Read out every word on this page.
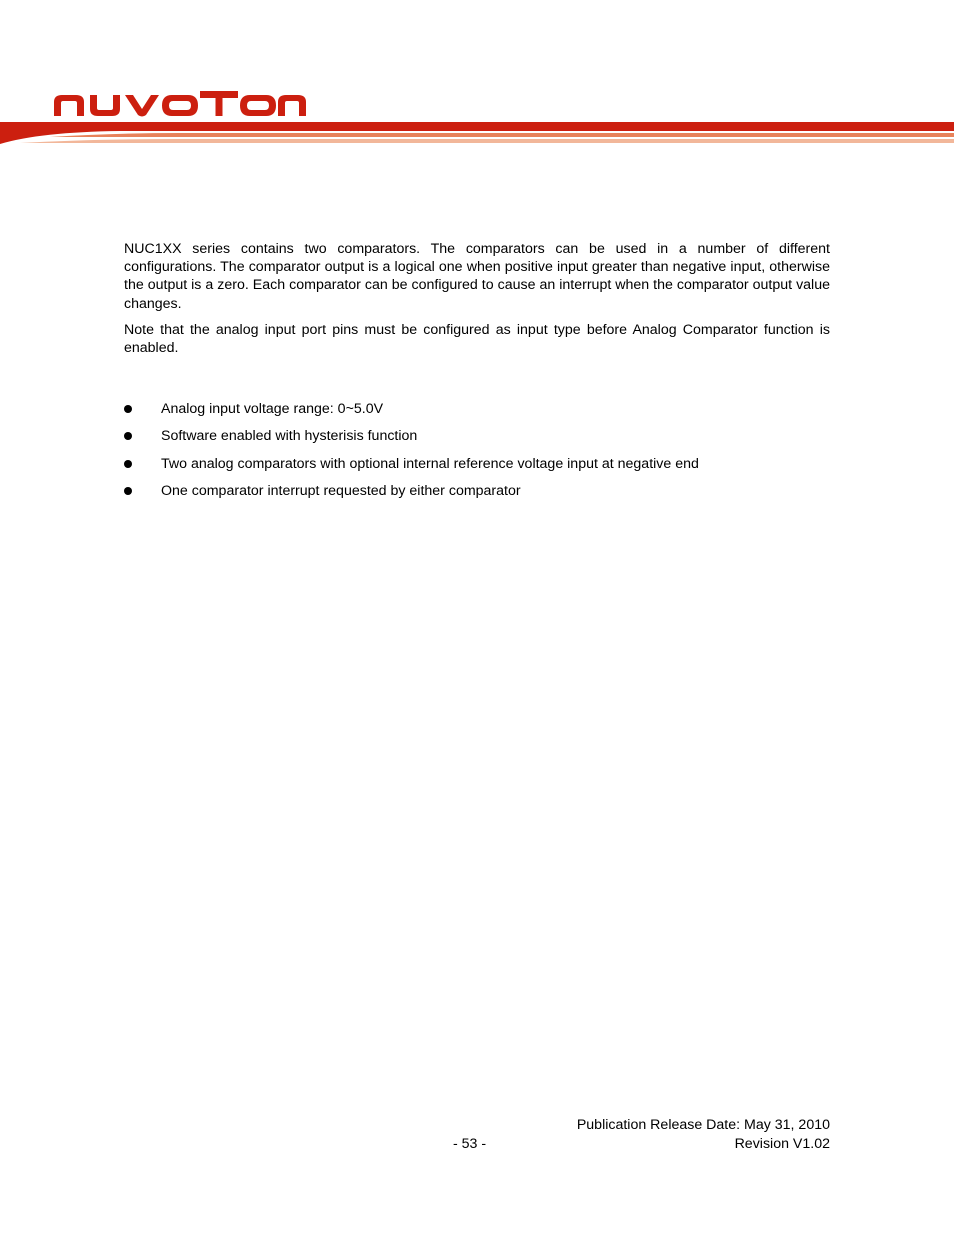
NUC1XX series contains two comparators. The comparators can be used in a number of different configurations. The comparator output is a logical one when positive input greater than negative input, otherwise the output is a zero. Each comparator can be configured to cause an interrupt when the comparator output value changes.

Note that the analog input port pins must be configured as input type before Analog Comparator function is enabled.

Analog input voltage range: 0~5.0V
Software enabled with hysterisis function
Two analog comparators with optional internal reference voltage input at negative end
One comparator interrupt requested by either comparator
Publication Release Date: May 31, 2010
- 53 -	Revision V1.02
